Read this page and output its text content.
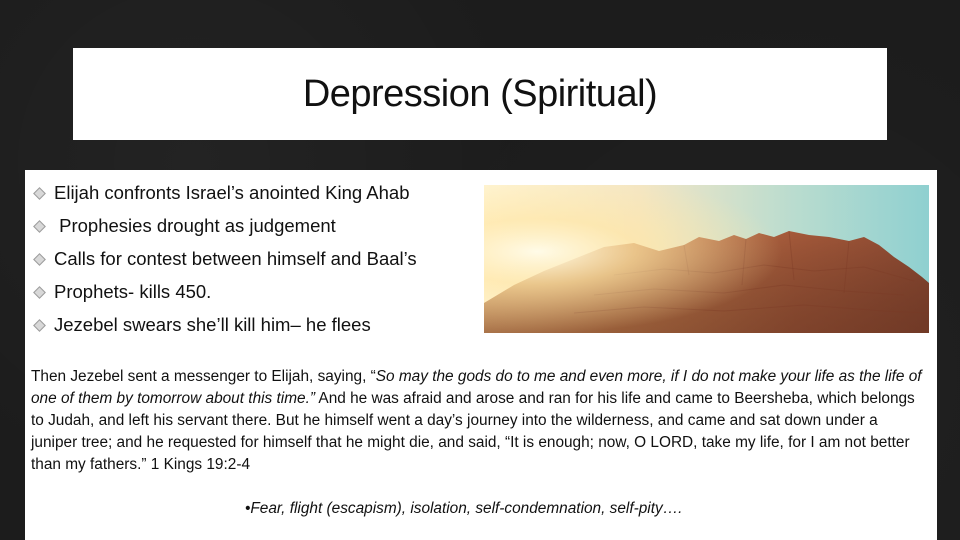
Depression (Spiritual)
Elijah confronts Israel’s anointed King Ahab
Prophesies drought as judgement
Calls for contest between himself and Baal’s
Prophets- kills 450.
Jezebel swears she’ll kill him– he flees

Then Jezebel sent a messenger to Elijah, saying, “So may the gods do to me and even more, if I do not make your life as the life of one of them by tomorrow about this time.” And he was afraid and arose and ran for his life and came to Beersheba, which belongs to Judah, and left his servant there. But he himself went a day’s journey into the wilderness, and came and sat down under a juniper tree; and he requested for himself that he might die, and said, “It is enough; now, O LORD, take my life, for I am not better than my fathers.” 1 Kings 19:2-4

•Fear, flight (escapism), isolation, self-condemnation, self-pity….
